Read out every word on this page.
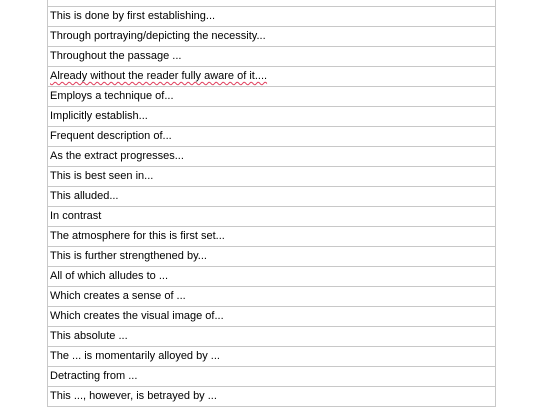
This is done by first establishing...
Through portraying/depicting the necessity...
Throughout the passage ...
Already without the reader fully aware of it....
Employs a technique of...
Implicitly establish...
Frequent description of...
As the extract progresses...
This is best seen in...
This alluded...
In contrast
The atmosphere for this is first set...
This is further strengthened by...
All of which alludes to ...
Which creates a sense of ...
Which creates the visual image of...
This absolute ...
The ... is momentarily alloyed by ...
Detracting from ...
This ..., however, is betrayed by ...
